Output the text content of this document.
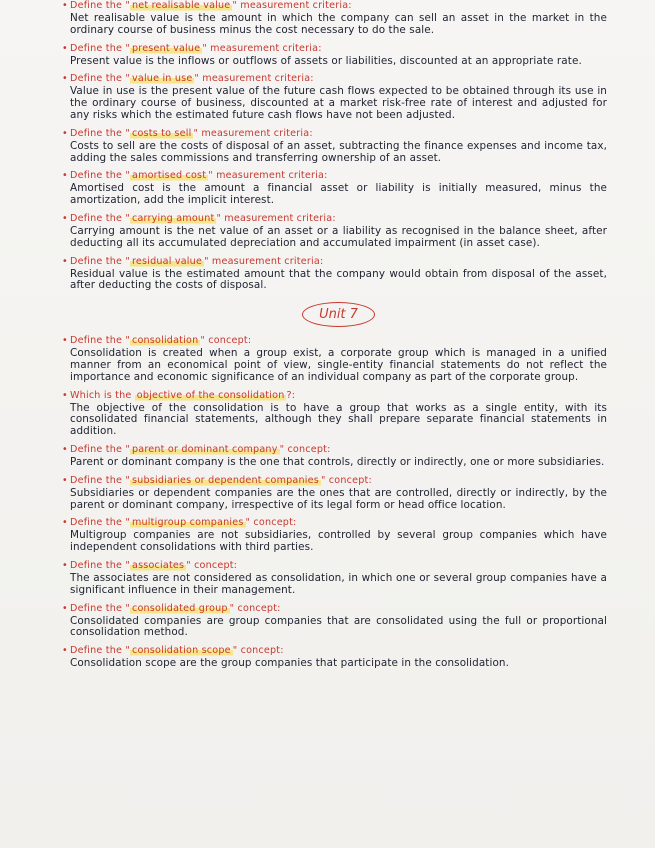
• Define the " net realisable value " measurement criteria:
Net realisable value is the amount in which the company can sell an asset in the market in the ordinary course of business minus the cost necessary to do the sale.
• Define the " present value " measurement criteria:
Present value is the inflows or outflows of assets or liabilities, discounted at an appropriate rate.
• Define the " value in use " measurement criteria:
Value in use is the present value of the future cash flows expected to be obtained through its use in the ordinary course of business, discounted at a market risk-free rate of interest and adjusted for any risks which the estimated future cash flows have not been adjusted.
• Define the " costs to sell " measurement criteria:
Costs to sell are the costs of disposal of an asset, subtracting the finance expenses and income tax, adding the sales commissions and transferring ownership of an asset.
• Define the " amortised cost " measurement criteria:
Amortised cost is the amount a financial asset or liability is initially measured, minus the amortization, add the implicit interest.
• Define the " carrying amount " measurement criteria:
Carrying amount is the net value of an asset or a liability as recognised in the balance sheet, after deducting all its accumulated depreciation and accumulated impairment (in asset case).
• Define the " residual value " measurement criteria:
Residual value is the estimated amount that the company would obtain from disposal of the asset, after deducting the costs of disposal.
Unit 7
• Define the " consolidation " concept:
Consolidation is created when a group exist, a corporate group which is managed in a unified manner from an economical point of view, single-entity financial statements do not reflect the importance and economic significance of an individual company as part of the corporate group.
• Which is the objective of the consolidation ?:
The objective of the consolidation is to have a group that works as a single entity, with its consolidated financial statements, although they shall prepare separate financial statements in addition.
• Define the " parent or dominant company " concept:
Parent or dominant company is the one that controls, directly or indirectly, one or more subsidiaries.
• Define the " subsidiaries or dependent companies " concept:
Subsidiaries or dependent companies are the ones that are controlled, directly or indirectly, by the parent or dominant company, irrespective of its legal form or head office location.
• Define the " multigroup companies " concept:
Multigroup companies are not subsidiaries, controlled by several group companies which have independent consolidations with third parties.
• Define the " associates " concept:
The associates are not considered as consolidation, in which one or several group companies have a significant influence in their management.
• Define the " consolidated group " concept:
Consolidated companies are group companies that are consolidated using the full or proportional consolidation method.
• Define the " consolidation scope " concept:
Consolidation scope are the group companies that participate in the consolidation.
